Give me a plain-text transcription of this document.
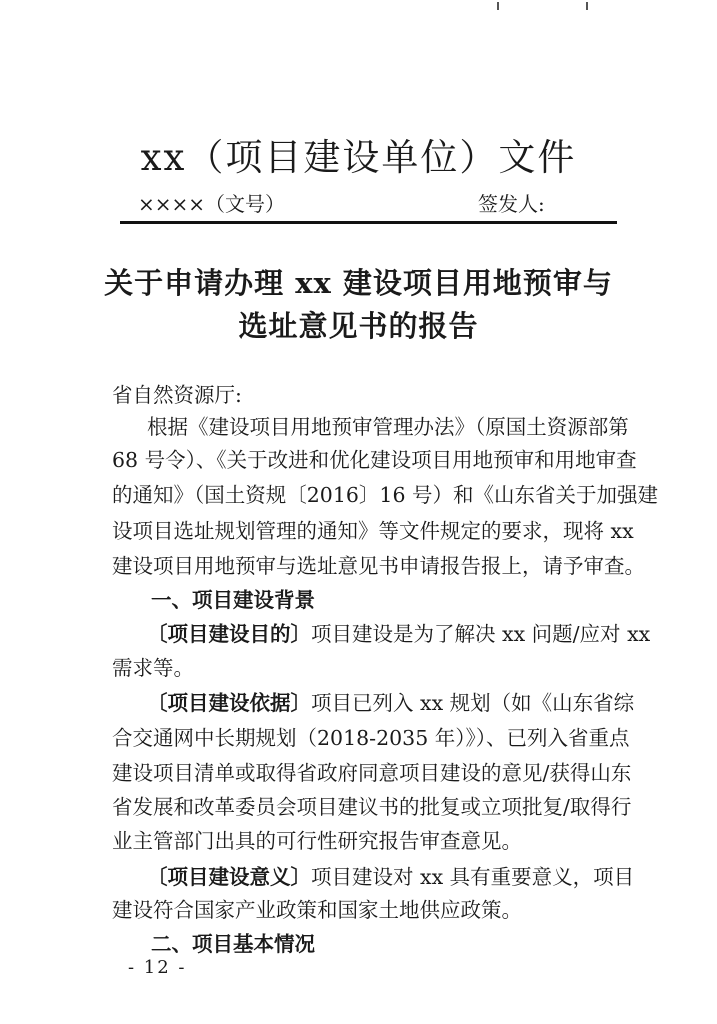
xx（项目建设单位）文件
××××（文号）	签发人:
关于申请办理 xx 建设项目用地预审与
选址意见书的报告
省自然资源厅:
根据《建设项目用地预审管理办法》（原国土资源部第
68 号令）、《关于改进和优化建设项目用地预审和用地审查
的通知》（国土资规〔2016〕16 号）和《山东省关于加强建
设项目选址规划管理的通知》等文件规定的要求，现将 xx
建设项目用地预审与选址意见书申请报告报上，请予审查。
一、项目建设背景
〔项目建设目的〕 项目建设是为了解决 xx 问题/应对 xx
需求等。
〔项目建设依据〕 项目已列入 xx 规划（如《山东省综
合交通网中长期规划（2018-2035 年）》）、已列入省重点
建设项目清单或取得省政府同意项目建设的意见/获得山东
省发展和改革委员会项目建议书的批复或立项批复/取得行
业主管部门出具的可行性研究报告审查意见。
〔项目建设意义〕 项目建设对 xx 具有重要意义，项目
建设符合国家产业政策和国家土地供应政策。
二、项目基本情况
- 12 -
